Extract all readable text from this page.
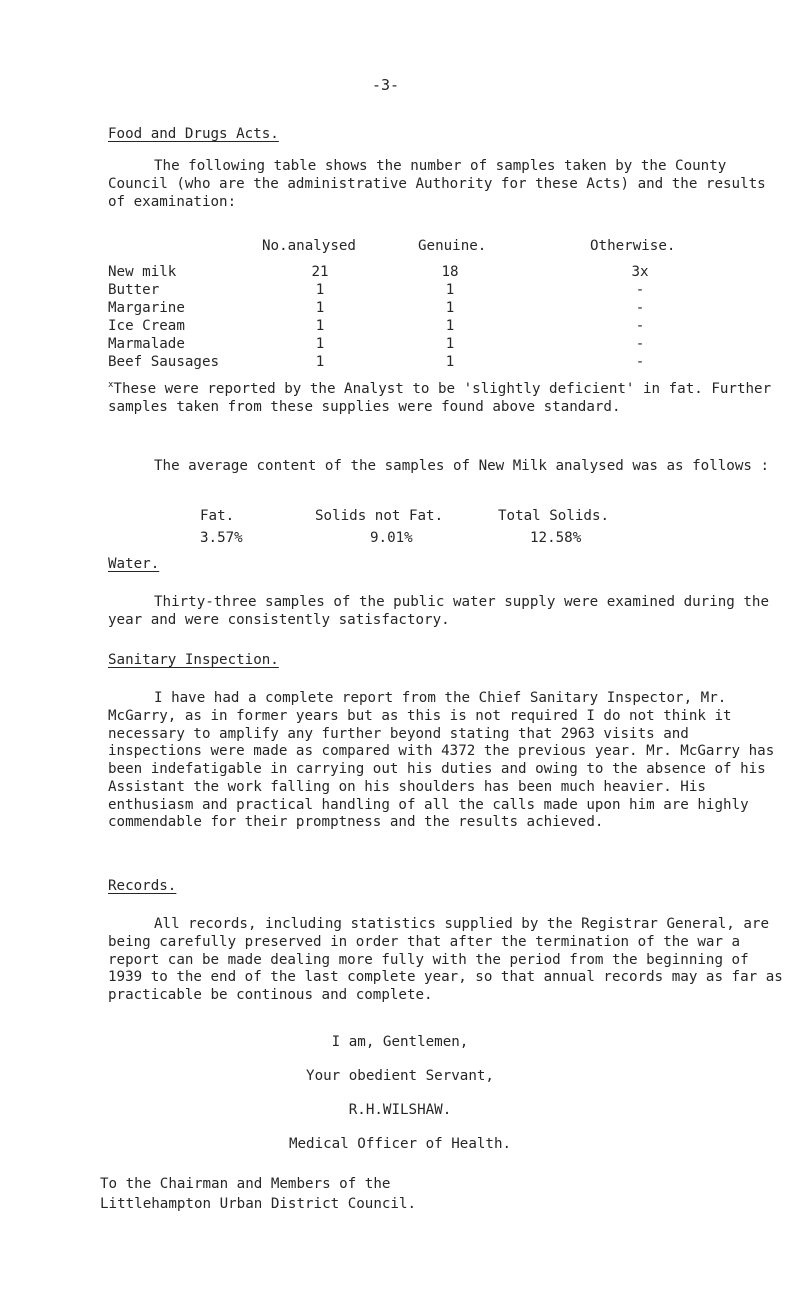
-3-
Food and Drugs Acts.

The following table shows the number of samples taken by the County Council (who are the administrative Authority for these Acts) and the results of examination:

No.analysed	Genuine.	Otherwise.
New milk	21	18	3x
Butter	1	1	-
Margarine	1	1	-
Ice Cream	1	1	-
Marmalade	1	1	-
Beef Sausages	1	1	-
$^x$These were reported by the Analyst to be 'slightly deficient' in fat. Further samples taken from these supplies were found above standard.
The average content of the samples of New Milk analysed was as follows :
Fat.	Solids not Fat.	Total Solids.
3.57%	9.01%	12.58%
Water.
Thirty-three samples of the public water supply were examined during the year and were consistently satisfactory.
Sanitary Inspection.
I have had a complete report from the Chief Sanitary Inspector, Mr. McGarry, as in former years but as this is not required I do not think it necessary to amplify any further beyond stating that 2963 visits and inspections were made as compared with 4372 the previous year. Mr. McGarry has been indefatigable in carrying out his duties and owing to the absence of his Assistant the work falling on his shoulders has been much heavier. His enthusiasm and practical handling of all the calls made upon him are highly commendable for their promptness and the results achieved.
Records.
All records, including statistics supplied by the Registrar General, are being carefully preserved in order that after the termination of the war a report can be made dealing more fully with the period from the beginning of 1939 to the end of the last complete year, so that annual records may as far as practicable be continous and complete.
I am, Gentlemen,
Your obedient Servant,
R.H.WILSHAW.
Medical Officer of Health.
To the Chairman and Members of the
Littlehampton Urban District Council.
